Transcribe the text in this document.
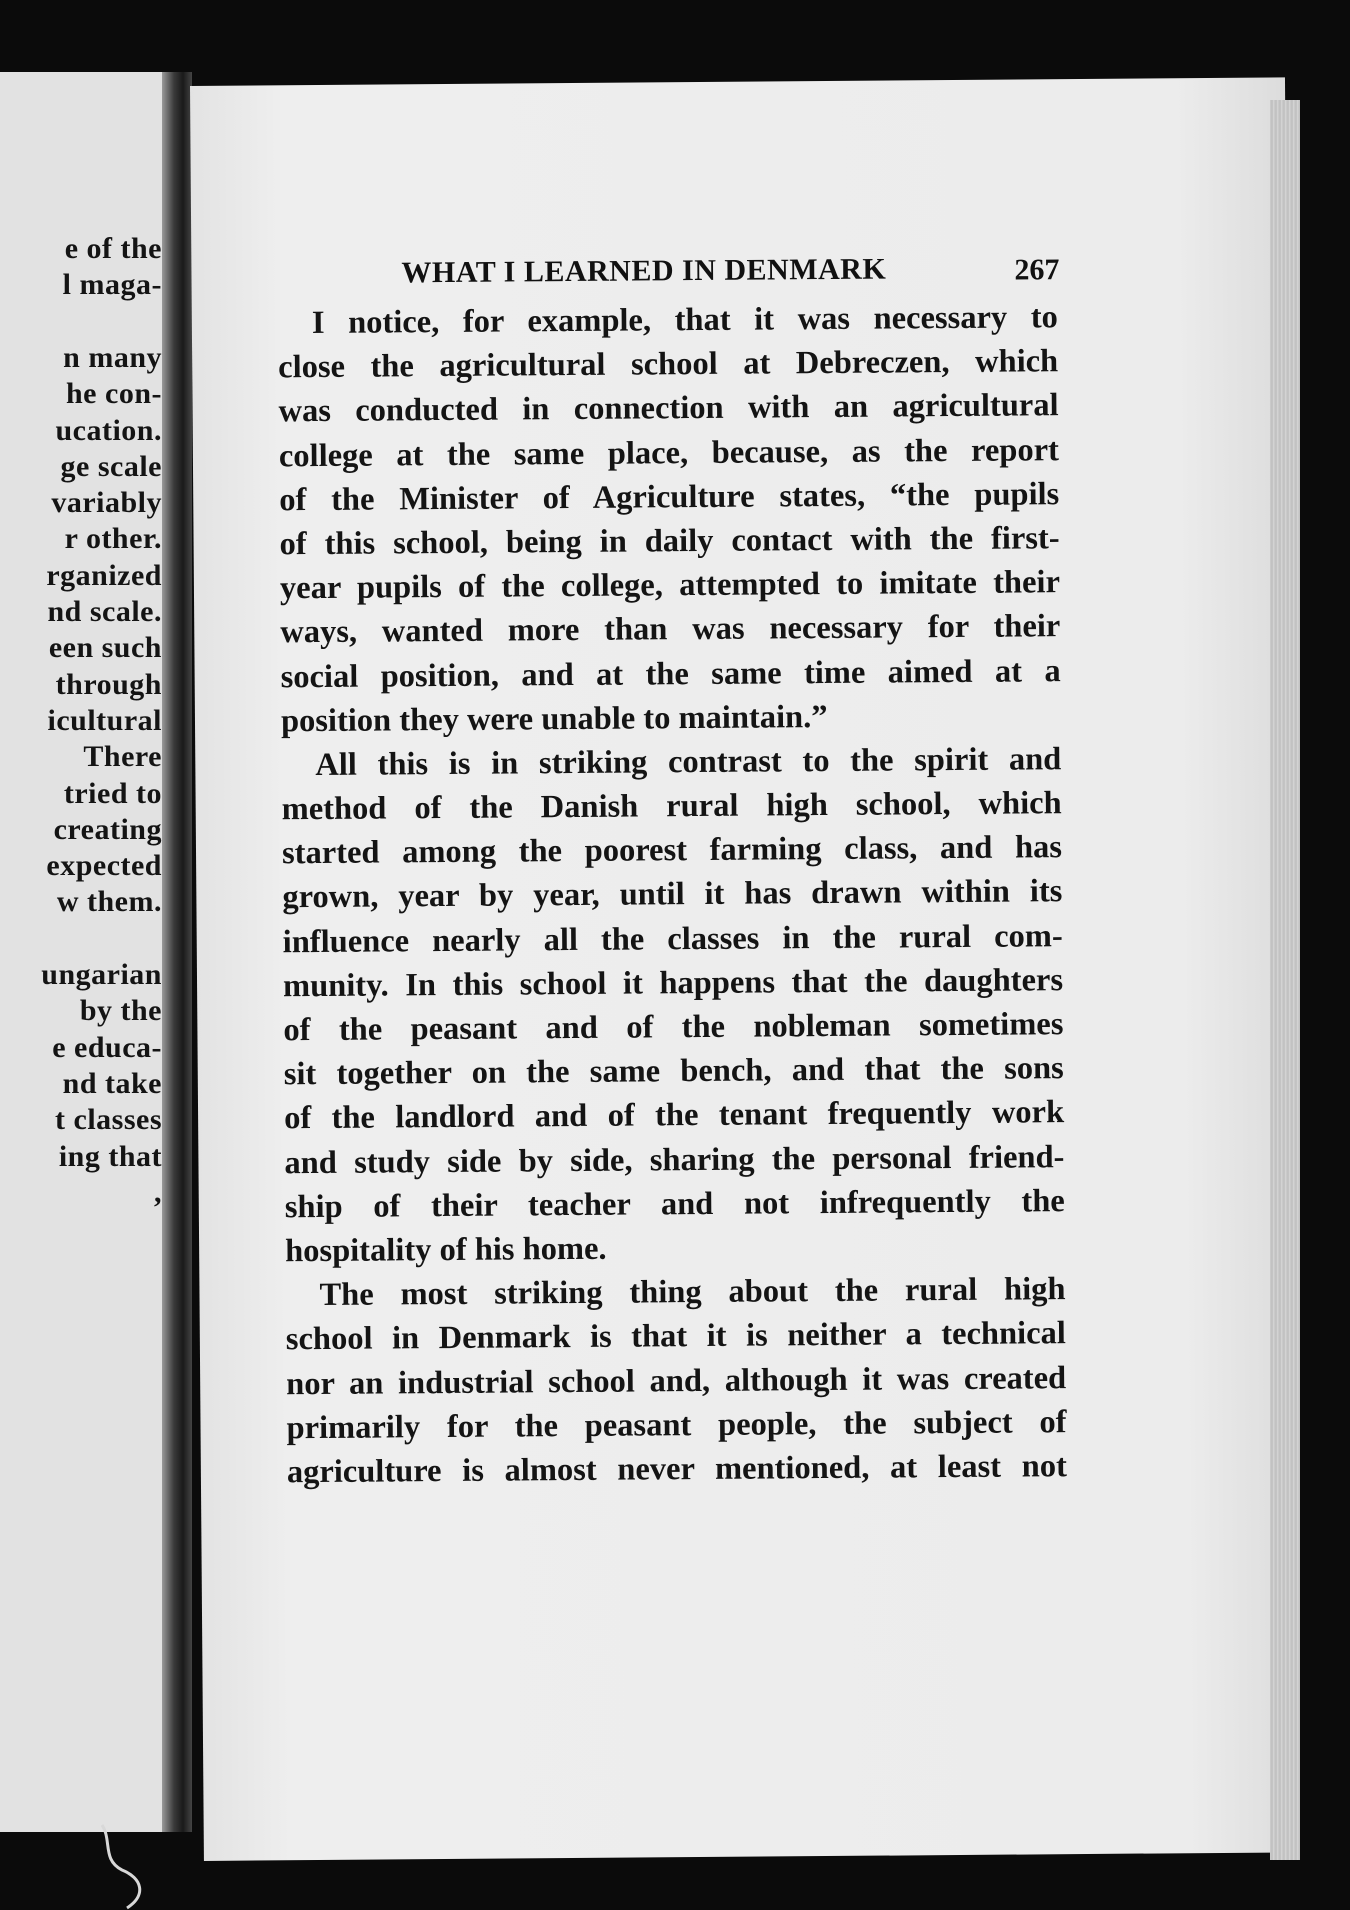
e of the
l maga-
n many
he con-
ucation.
ge scale
variably
r other.
rganized
nd scale.
een such
through
icultural
There
tried to
creating
expected
w them.
ungarian
by the
e educa-
nd take
t classes
ing that
,
WHAT I LEARNED IN DENMARK	267
I notice, for example, that it was necessary to
close the agricultural school at Debreczen, which
was conducted in connection with an agricultural
college at the same place, because, as the report
of the Minister of Agriculture states, “the pupils
of this school, being in daily contact with the first-
year pupils of the college, attempted to imitate their
ways, wanted more than was necessary for their
social position, and at the same time aimed at a
position they were unable to maintain.”
All this is in striking contrast to the spirit and
method of the Danish rural high school, which
started among the poorest farming class, and has
grown, year by year, until it has drawn within its
influence nearly all the classes in the rural com-
munity. In this school it happens that the daughters
of the peasant and of the nobleman sometimes
sit together on the same bench, and that the sons
of the landlord and of the tenant frequently work
and study side by side, sharing the personal friend-
ship of their teacher and not infrequently the
hospitality of his home.
The most striking thing about the rural high
school in Denmark is that it is neither a technical
nor an industrial school and, although it was created
primarily for the peasant people, the subject of
agriculture is almost never mentioned, at least not
